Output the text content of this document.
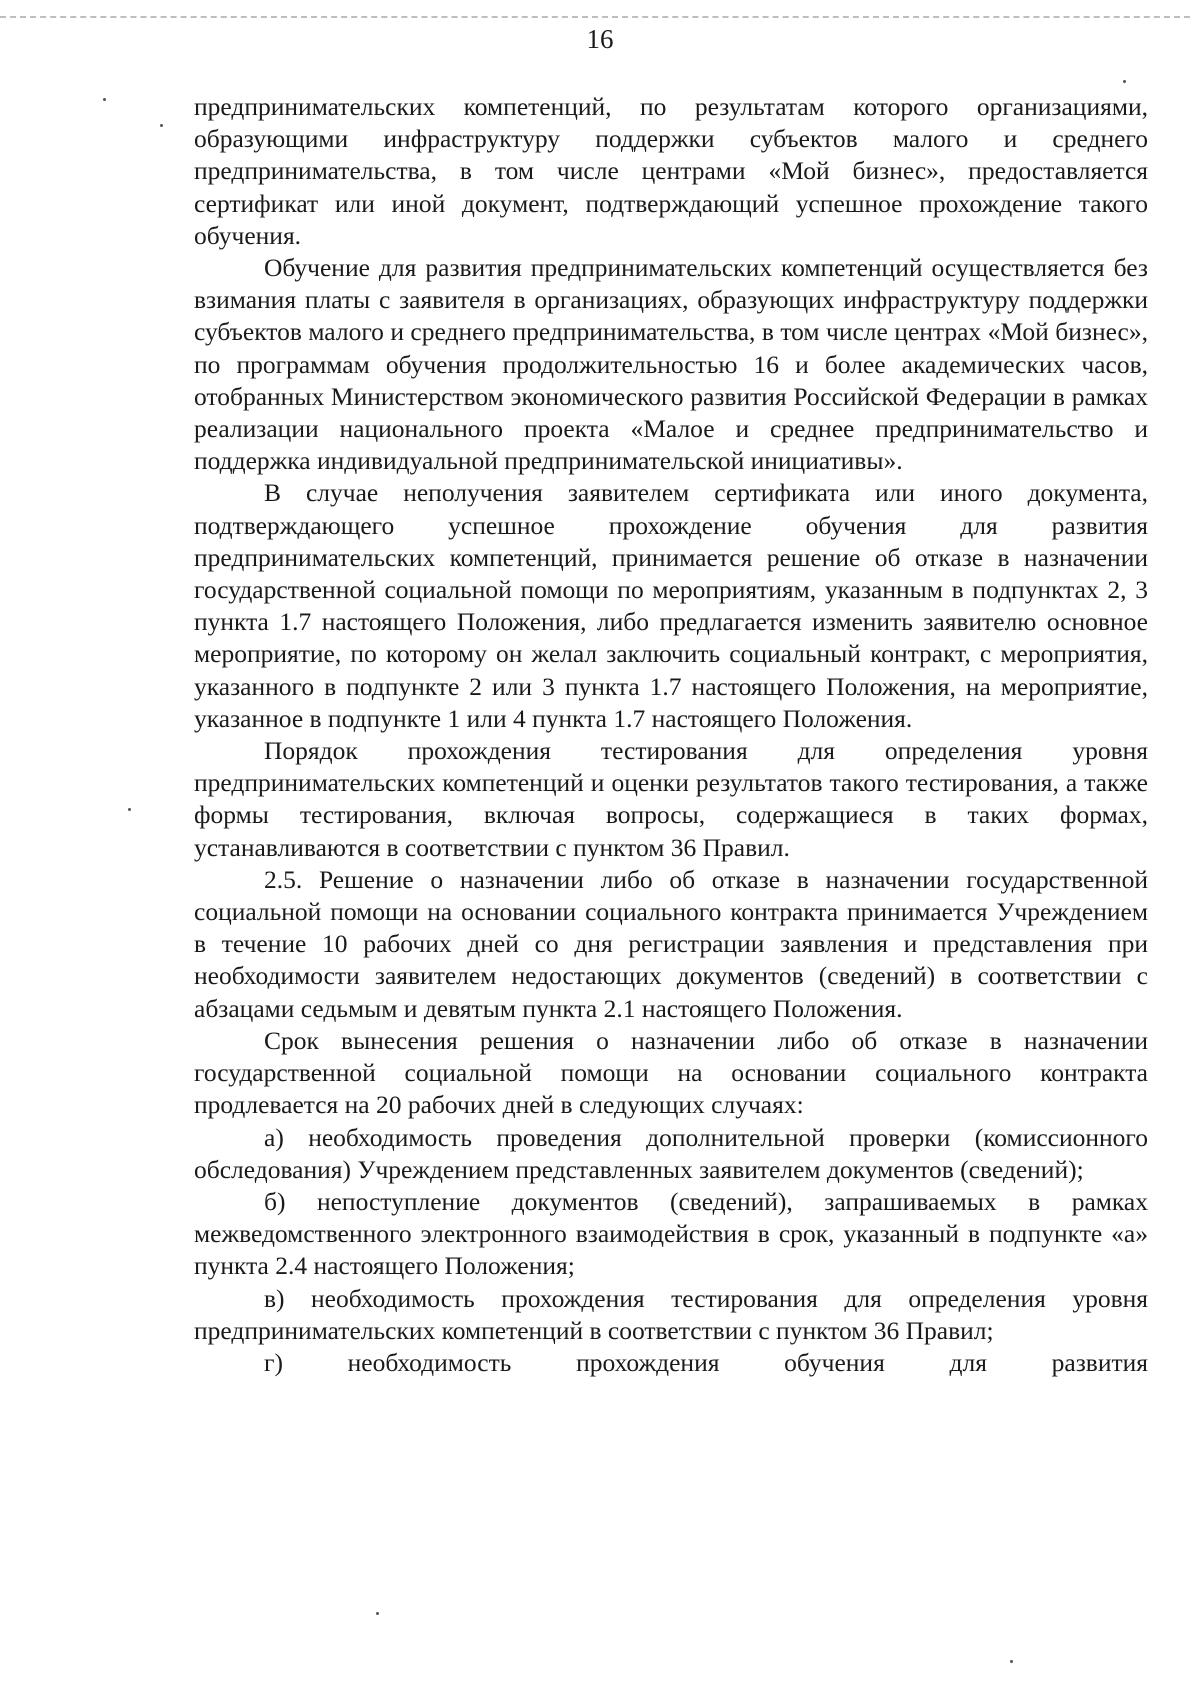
16

предпринимательских компетенций, по результатам которого организациями, образующими инфраструктуру поддержки субъектов малого и среднего предпринимательства, в том числе центрами «Мой бизнес», предоставляется сертификат или иной документ, подтверждающий успешное прохождение такого обучения.

Обучение для развития предпринимательских компетенций осуществляется без взимания платы с заявителя в организациях, образующих инфраструктуру поддержки субъектов малого и среднего предпринимательства, в том числе центрах «Мой бизнес», по программам обучения продолжительностью 16 и более академических часов, отобранных Министерством экономического развития Российской Федерации в рамках реализации национального проекта «Малое и среднее предпринимательство и поддержка индивидуальной предпринимательской инициативы».

В случае неполучения заявителем сертификата или иного документа, подтверждающего успешное прохождение обучения для развития предпринимательских компетенций, принимается решение об отказе в назначении государственной социальной помощи по мероприятиям, указанным в подпунктах 2, 3 пункта 1.7 настоящего Положения, либо предлагается изменить заявителю основное мероприятие, по которому он желал заключить социальный контракт, с мероприятия, указанного в подпункте 2 или 3 пункта 1.7 настоящего Положения, на мероприятие, указанное в подпункте 1 или 4 пункта 1.7 настоящего Положения.

Порядок прохождения тестирования для определения уровня предпринимательских компетенций и оценки результатов такого тестирования, а также формы тестирования, включая вопросы, содержащиеся в таких формах, устанавливаются в соответствии с пунктом 36 Правил.

2.5. Решение о назначении либо об отказе в назначении государственной социальной помощи на основании социального контракта принимается Учреждением в течение 10 рабочих дней со дня регистрации заявления и представления при необходимости заявителем недостающих документов (сведений) в соответствии с абзацами седьмым и девятым пункта 2.1 настоящего Положения.

Срок вынесения решения о назначении либо об отказе в назначении государственной социальной помощи на основании социального контракта продлевается на 20 рабочих дней в следующих случаях:

а) необходимость проведения дополнительной проверки (комиссионного обследования) Учреждением представленных заявителем документов (сведений);

б) непоступление документов (сведений), запрашиваемых в рамках межведомственного электронного взаимодействия в срок, указанный в подпункте «а» пункта 2.4 настоящего Положения;

в) необходимость прохождения тестирования для определения уровня предпринимательских компетенций в соответствии с пунктом 36 Правил;

г) необходимость прохождения обучения для развития
